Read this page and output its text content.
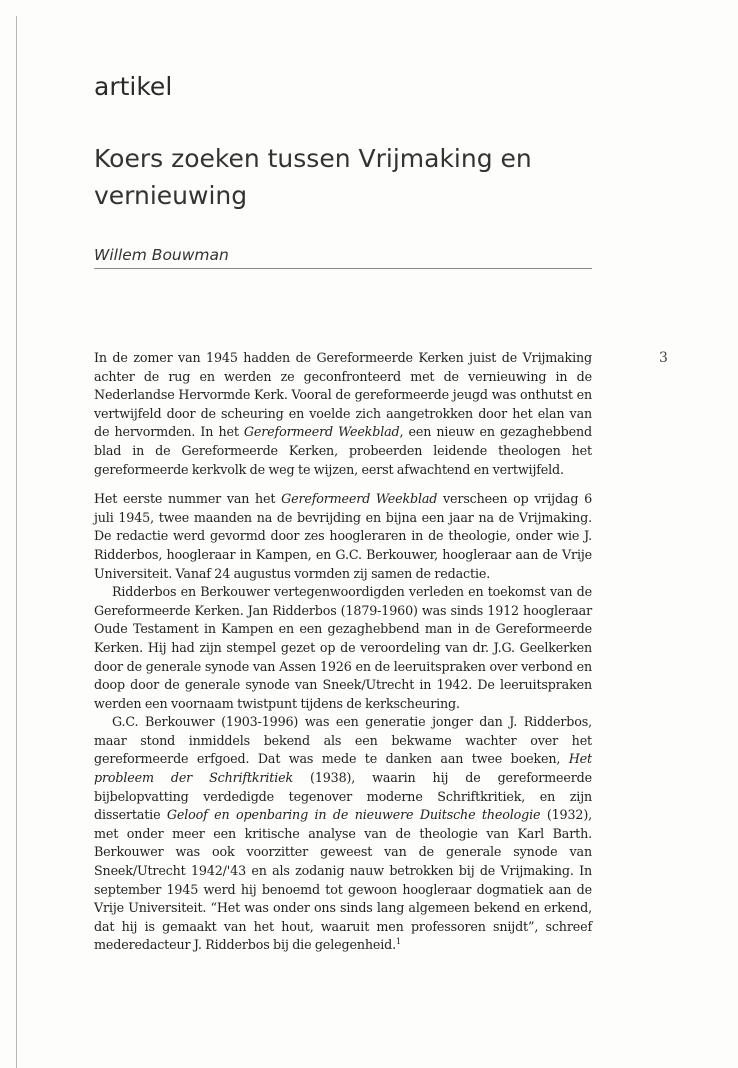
artikel
Koers zoeken tussen Vrijmaking en vernieuwing
Willem Bouwman
3

In de zomer van 1945 hadden de Gereformeerde Kerken juist de Vrijmaking achter de rug en werden ze geconfronteerd met de vernieuwing in de Nederlandse Hervormde Kerk. Vooral de gereformeerde jeugd was onthutst en vertwijfeld door de scheuring en voelde zich aangetrokken door het elan van de hervormden. In het Gereformeerd Weekblad, een nieuw en gezaghebbend blad in de Gereformeerde Kerken, probeerden leidende theologen het gereformeerde kerkvolk de weg te wijzen, eerst afwachtend en vertwijfeld.

Het eerste nummer van het Gereformeerd Weekblad verscheen op vrijdag 6 juli 1945, twee maanden na de bevrijding en bijna een jaar na de Vrijmaking. De redactie werd gevormd door zes hoogleraren in de theologie, onder wie J. Ridderbos, hoogleraar in Kampen, en G.C. Berkouwer, hoogleraar aan de Vrije Universiteit. Vanaf 24 augustus vormden zij samen de redactie.

Ridderbos en Berkouwer vertegenwoordigden verleden en toekomst van de Gereformeerde Kerken. Jan Ridderbos (1879-1960) was sinds 1912 hoogleraar Oude Testament in Kampen en een gezaghebbend man in de Gereformeerde Kerken. Hij had zijn stempel gezet op de veroordeling van dr. J.G. Geelkerken door de generale synode van Assen 1926 en de leeruitspraken over verbond en doop door de generale synode van Sneek/Utrecht in 1942. De leeruitspraken werden een voornaam twistpunt tijdens de kerkscheuring.

G.C. Berkouwer (1903-1996) was een generatie jonger dan J. Ridderbos, maar stond inmiddels bekend als een bekwame wachter over het gereformeerde erfgoed. Dat was mede te danken aan twee boeken, Het probleem der Schriftkritiek (1938), waarin hij de gereformeerde bijbelopvatting verdedigde tegenover moderne Schriftkritiek, en zijn dissertatie Geloof en openbaring in de nieuwere Duitsche theologie (1932), met onder meer een kritische analyse van de theologie van Karl Barth. Berkouwer was ook voorzitter geweest van de generale synode van Sneek/Utrecht 1942/'43 en als zodanig nauw betrokken bij de Vrijmaking. In september 1945 werd hij benoemd tot gewoon hoogleraar dogmatiek aan de Vrije Universiteit. “Het was onder ons sinds lang algemeen bekend en erkend, dat hij is gemaakt van het hout, waaruit men professoren snijdt”, schreef mederedacteur J. Ridderbos bij die gelegenheid.$^1$
